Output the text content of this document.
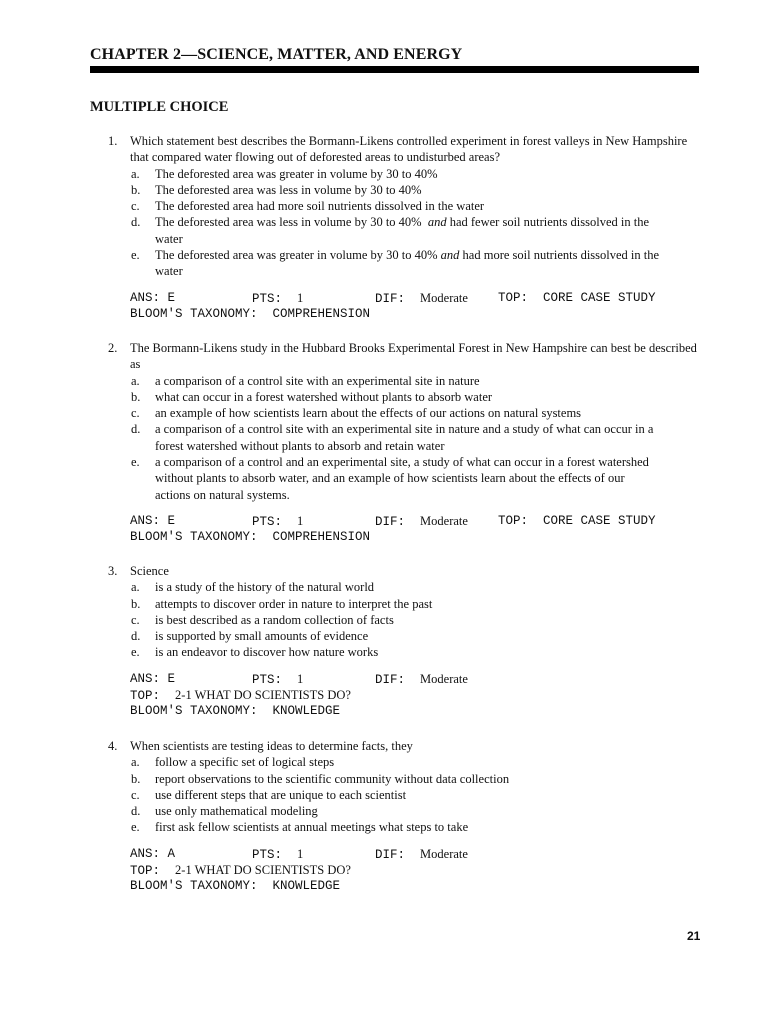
CHAPTER 2—SCIENCE, MATTER, AND ENERGY
MULTIPLE CHOICE
1. Which statement best describes the Bormann-Likens controlled experiment in forest valleys in New Hampshire that compared water flowing out of deforested areas to undisturbed areas?
a. The deforested area was greater in volume by 30 to 40%
b. The deforested area was less in volume by 30 to 40%
c. The deforested area had more soil nutrients dissolved in the water
d. The deforested area was less in volume by 30 to 40% and had fewer soil nutrients dissolved in the water
e. The deforested area was greater in volume by 30 to 40% and had more soil nutrients dissolved in the water
ANS: E	PTS: 1	DIF: Moderate TOP: CORE CASE STUDY
BLOOM'S TAXONOMY: COMPREHENSION
2. The Bormann-Likens study in the Hubbard Brooks Experimental Forest in New Hampshire can best be described as
a. a comparison of a control site with an experimental site in nature
b. what can occur in a forest watershed without plants to absorb water
c. an example of how scientists learn about the effects of our actions on natural systems
d. a comparison of a control site with an experimental site in nature and a study of what can occur in a forest watershed without plants to absorb and retain water
e. a comparison of a control and an experimental site, a study of what can occur in a forest watershed without plants to absorb water, and an example of how scientists learn about the effects of our actions on natural systems.
ANS: E	PTS: 1	DIF: Moderate TOP: CORE CASE STUDY
BLOOM'S TAXONOMY: COMPREHENSION
3. Science
a. is a study of the history of the natural world
b. attempts to discover order in nature to interpret the past
c. is best described as a random collection of facts
d. is supported by small amounts of evidence
e. is an endeavor to discover how nature works
ANS: E	PTS: 1	DIF: Moderate
TOP: 2-1 WHAT DO SCIENTISTS DO?
BLOOM'S TAXONOMY: KNOWLEDGE
4. When scientists are testing ideas to determine facts, they
a. follow a specific set of logical steps
b. report observations to the scientific community without data collection
c. use different steps that are unique to each scientist
d. use only mathematical modeling
e. first ask fellow scientists at annual meetings what steps to take
ANS: A	PTS: 1	DIF: Moderate
TOP: 2-1 WHAT DO SCIENTISTS DO?
BLOOM'S TAXONOMY: KNOWLEDGE
21
